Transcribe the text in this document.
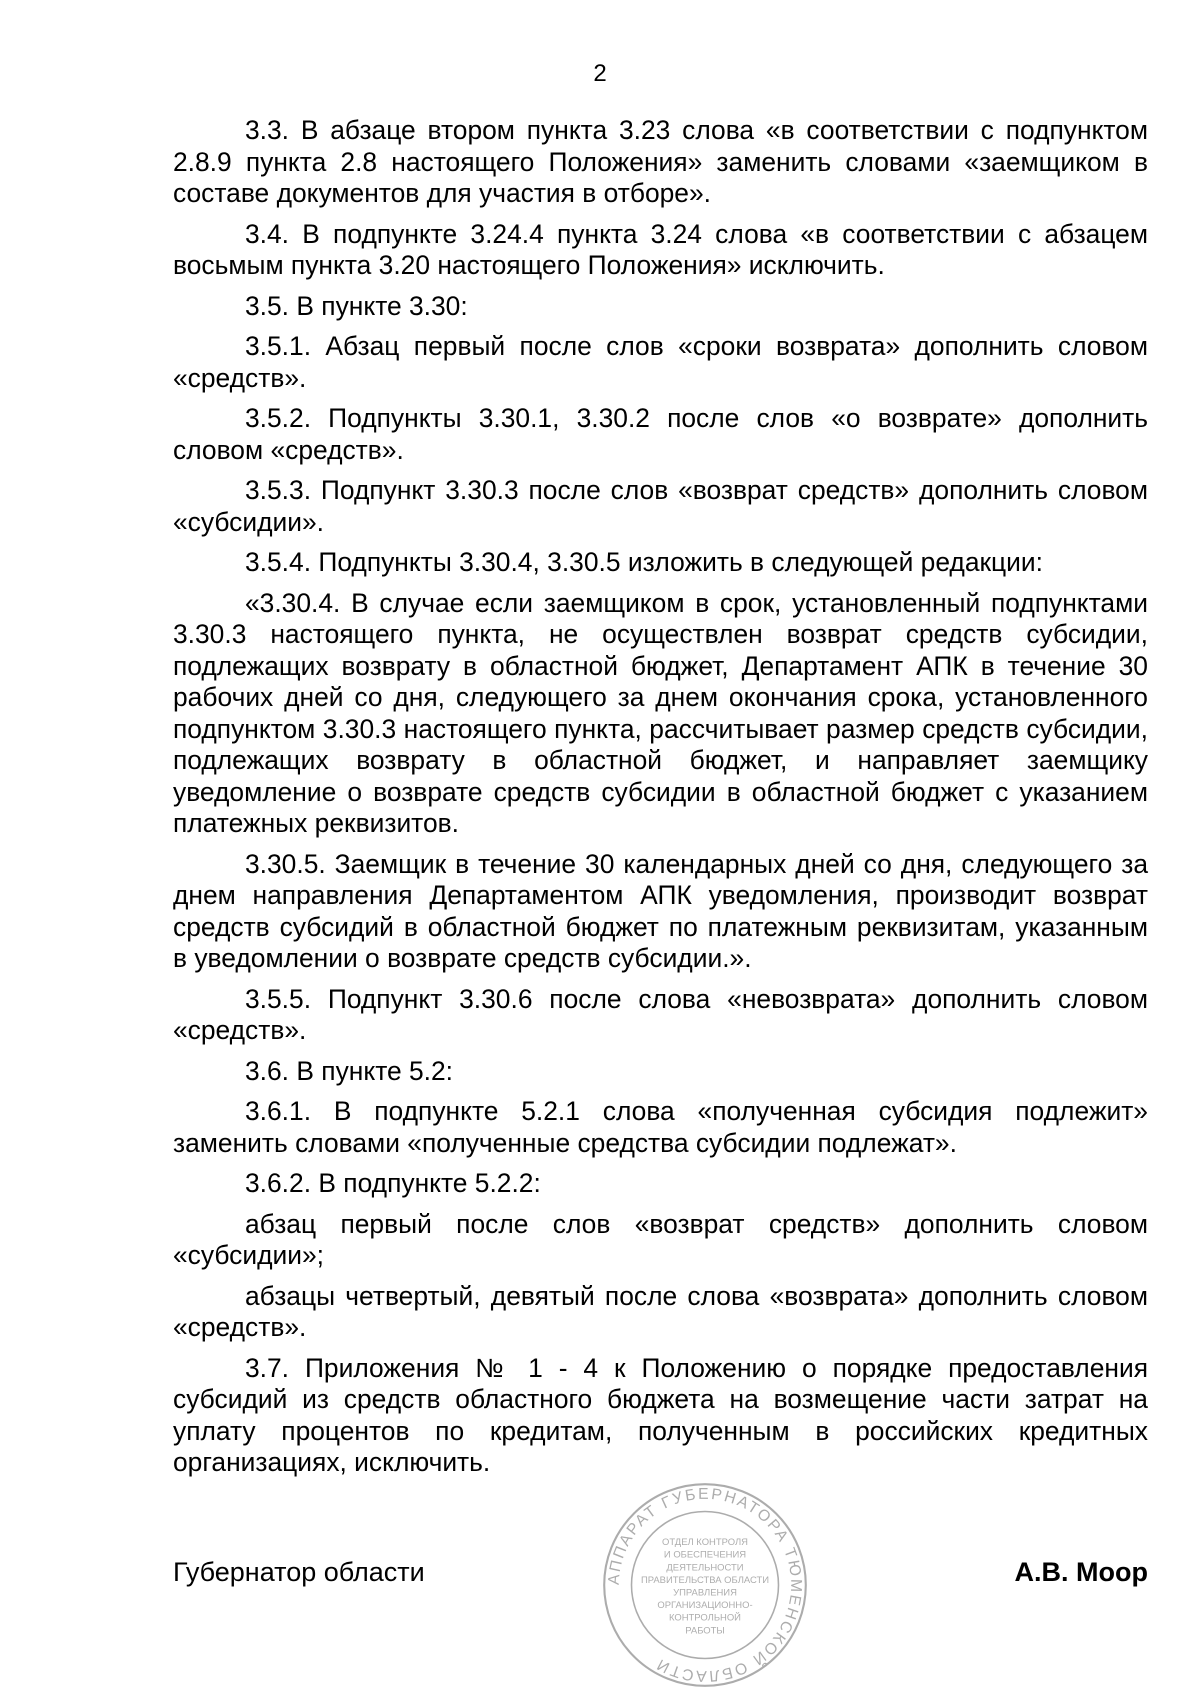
2

3.3. В абзаце втором пункта 3.23 слова «в соответствии с подпунктом 2.8.9 пункта 2.8 настоящего Положения» заменить словами «заемщиком в составе документов для участия в отборе».

3.4. В подпункте 3.24.4 пункта 3.24 слова «в соответствии с абзацем восьмым пункта 3.20 настоящего Положения» исключить.

3.5. В пункте 3.30:

3.5.1. Абзац первый после слов «сроки возврата» дополнить словом «средств».

3.5.2. Подпункты 3.30.1, 3.30.2 после слов «о возврате» дополнить словом «средств».

3.5.3. Подпункт 3.30.3 после слов «возврат средств» дополнить словом «субсидии».

3.5.4. Подпункты 3.30.4, 3.30.5 изложить в следующей редакции:

«3.30.4. В случае если заемщиком в срок, установленный подпунктами 3.30.3 настоящего пункта, не осуществлен возврат средств субсидии, подлежащих возврату в областной бюджет, Департамент АПК в течение 30 рабочих дней со дня, следующего за днем окончания срока, установленного подпунктом 3.30.3 настоящего пункта, рассчитывает размер средств субсидии, подлежащих возврату в областной бюджет, и направляет заемщику уведомление о возврате средств субсидии в областной бюджет с указанием платежных реквизитов.

3.30.5. Заемщик в течение 30 календарных дней со дня, следующего за днем направления Департаментом АПК уведомления, производит возврат средств субсидий в областной бюджет по платежным реквизитам, указанным в уведомлении о возврате средств субсидии.».

3.5.5. Подпункт 3.30.6 после слова «невозврата» дополнить словом «средств».

3.6. В пункте 5.2:

3.6.1. В подпункте 5.2.1 слова «полученная субсидия подлежит» заменить словами «полученные средства субсидии подлежат».

3.6.2. В подпункте 5.2.2:

абзац первый после слов «возврат средств» дополнить словом «субсидии»;

абзацы четвертый, девятый после слова «возврата» дополнить словом «средств».

3.7. Приложения № 1 - 4 к Положению о порядке предоставления субсидий из средств областного бюджета на возмещение части затрат на уплату процентов по кредитам, полученным в российских кредитных организациях, исключить.

АППАРАТ ГУБЕРНАТОРА ТЮМЕНСКОЙ ОБЛАСТИ
ОТДЕЛ КОНТРОЛЯ
И ОБЕСПЕЧЕНИЯ
ДЕЯТЕЛЬНОСТИ
ПРАВИТЕЛЬСТВА ОБЛАСТИ
УПРАВЛЕНИЯ
ОРГАНИЗАЦИОННО-
КОНТРОЛЬНОЙ
РАБОТЫ
Губернатор области	А.В. Моор
